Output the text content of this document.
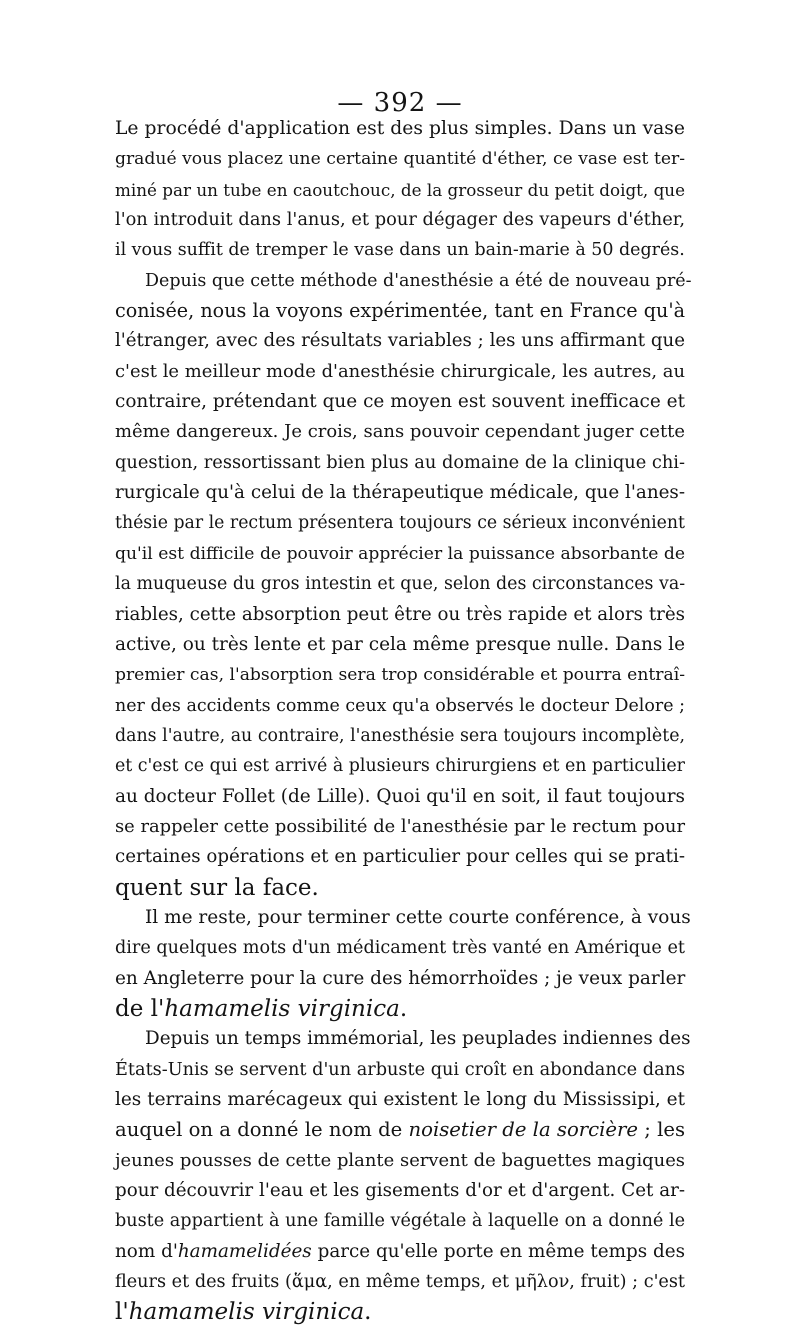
— 392 —
Le procédé d'application est des plus simples. Dans un vase
gradué vous placez une certaine quantité d'éther, ce vase est ter-
miné par un tube en caoutchouc, de la grosseur du petit doigt, que
l'on introduit dans l'anus, et pour dégager des vapeurs d'éther,
il vous suffit de tremper le vase dans un bain-marie à 50 degrés.
Depuis que cette méthode d'anesthésie a été de nouveau pré-
conisée, nous la voyons expérimentée, tant en France qu'à
l'étranger, avec des résultats variables ; les uns affirmant que
c'est le meilleur mode d'anesthésie chirurgicale, les autres, au
contraire, prétendant que ce moyen est souvent inefficace et
même dangereux. Je crois, sans pouvoir cependant juger cette
question, ressortissant bien plus au domaine de la clinique chi-
rurgicale qu'à celui de la thérapeutique médicale, que l'anes-
thésie par le rectum présentera toujours ce sérieux inconvénient
qu'il est difficile de pouvoir apprécier la puissance absorbante de
la muqueuse du gros intestin et que, selon des circonstances va-
riables, cette absorption peut être ou très rapide et alors très
active, ou très lente et par cela même presque nulle. Dans le
premier cas, l'absorption sera trop considérable et pourra entraî-
ner des accidents comme ceux qu'a observés le docteur Delore ;
dans l'autre, au contraire, l'anesthésie sera toujours incomplète,
et c'est ce qui est arrivé à plusieurs chirurgiens et en particulier
au docteur Follet (de Lille). Quoi qu'il en soit, il faut toujours
se rappeler cette possibilité de l'anesthésie par le rectum pour
certaines opérations et en particulier pour celles qui se prati-
quent sur la face.
Il me reste, pour terminer cette courte conférence, à vous
dire quelques mots d'un médicament très vanté en Amérique et
en Angleterre pour la cure des hémorrhoïdes ; je veux parler
de l'hamamelis virginica.
Depuis un temps immémorial, les peuplades indiennes des
États-Unis se servent d'un arbuste qui croît en abondance dans
les terrains marécageux qui existent le long du Mississipi, et
auquel on a donné le nom de noisetier de la sorcière ; les
jeunes pousses de cette plante servent de baguettes magiques
pour découvrir l'eau et les gisements d'or et d'argent. Cet ar-
buste appartient à une famille végétale à laquelle on a donné le
nom d'hamamelidées parce qu'elle porte en même temps des
fleurs et des fruits (ἅμα, en même temps, et μῆλον, fruit) ; c'est
l'hamamelis virginica.
